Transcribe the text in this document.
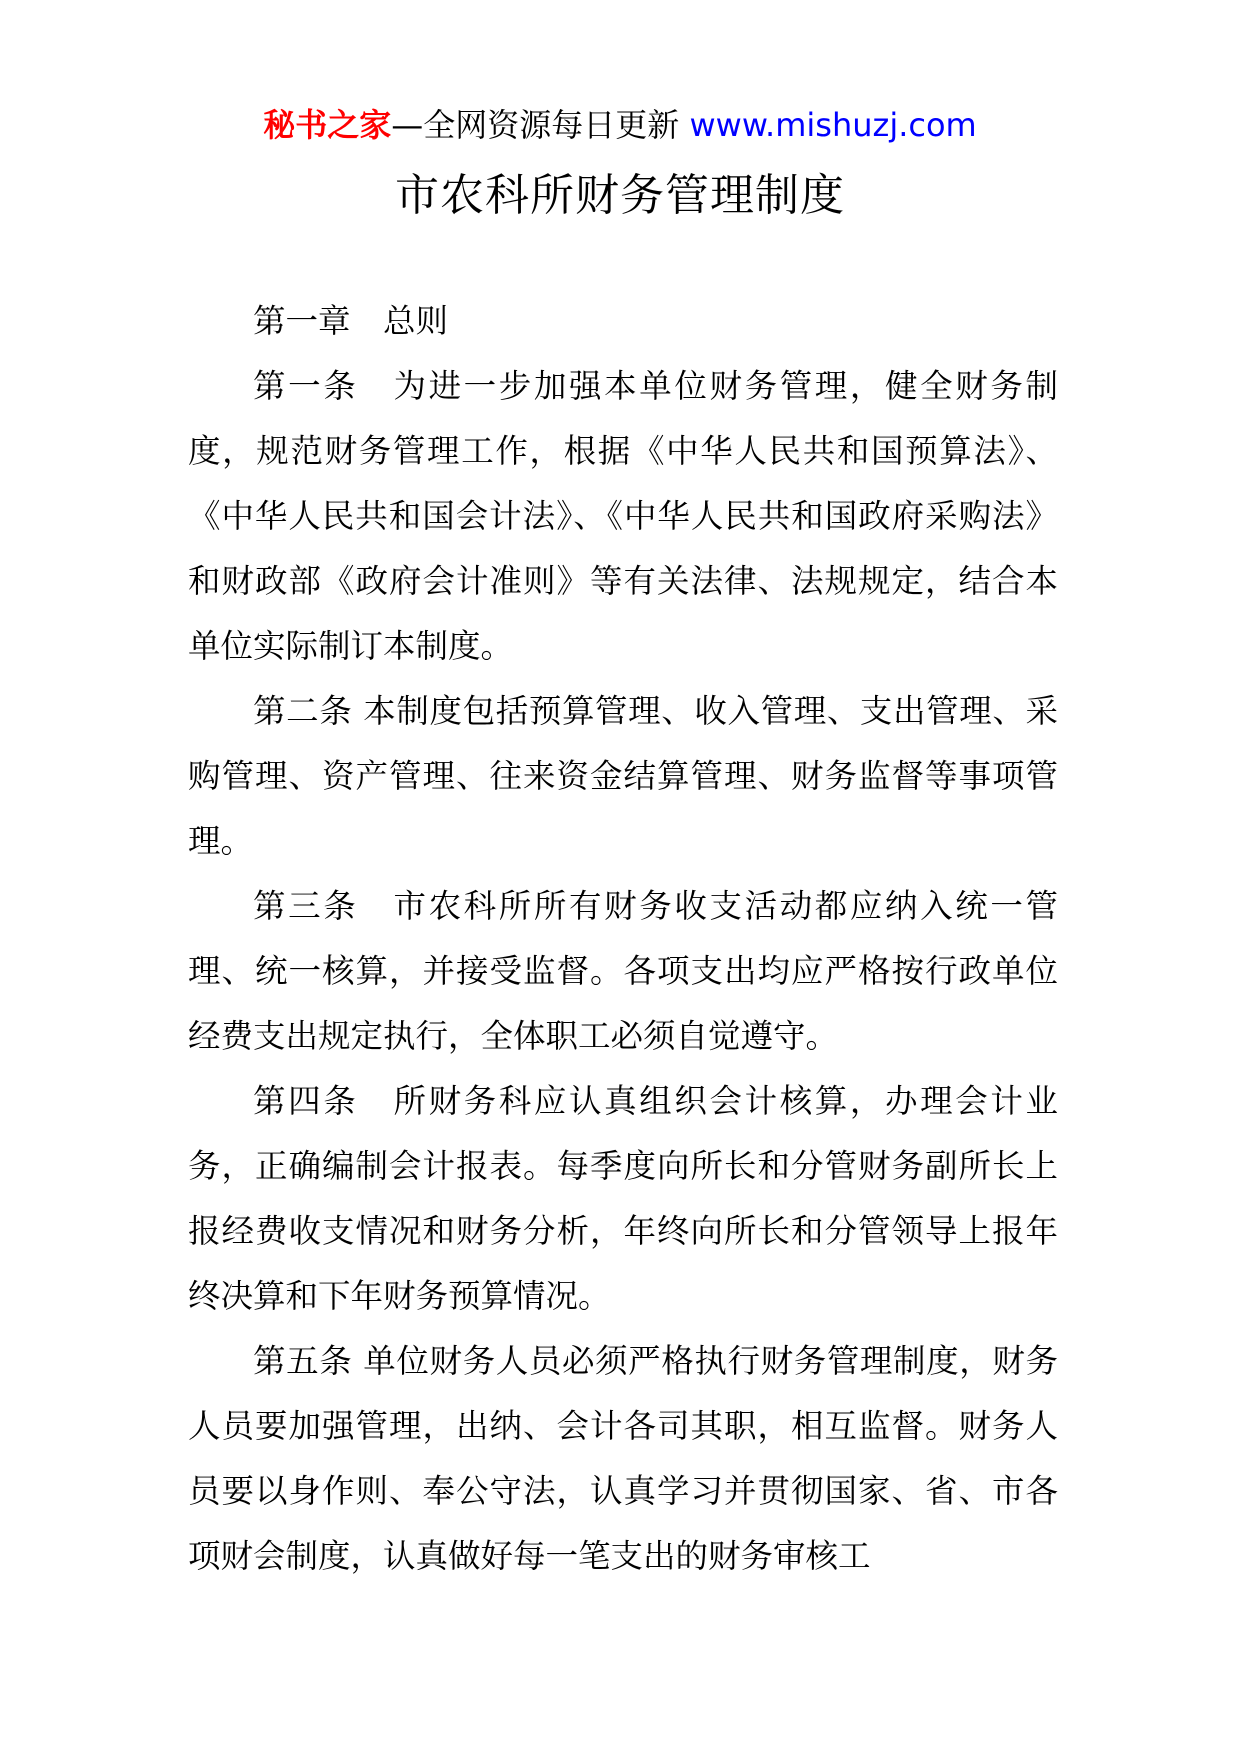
秘书之家—全网资源每日更新 www.mishuzj.com
市农科所财务管理制度

第一章　总则

第一条　为进一步加强本单位财务管理，健全财务制度，规范财务管理工作，根据《中华人民共和国预算法》、《中华人民共和国会计法》、《中华人民共和国政府采购法》和财政部《政府会计准则》等有关法律、法规规定，结合本单位实际制订本制度。

第二条 本制度包括预算管理、收入管理、支出管理、采购管理、资产管理、往来资金结算管理、财务监督等事项管理。

第三条　市农科所所有财务收支活动都应纳入统一管理、统一核算，并接受监督。各项支出均应严格按行政单位经费支出规定执行，全体职工必须自觉遵守。

第四条　所财务科应认真组织会计核算，办理会计业务，正确编制会计报表。每季度向所长和分管财务副所长上报经费收支情况和财务分析，年终向所长和分管领导上报年终决算和下年财务预算情况。

第五条 单位财务人员必须严格执行财务管理制度，财务人员要加强管理，出纳、会计各司其职，相互监督。财务人员要以身作则、奉公守法，认真学习并贯彻国家、省、市各项财会制度，认真做好每一笔支出的财务审核工
